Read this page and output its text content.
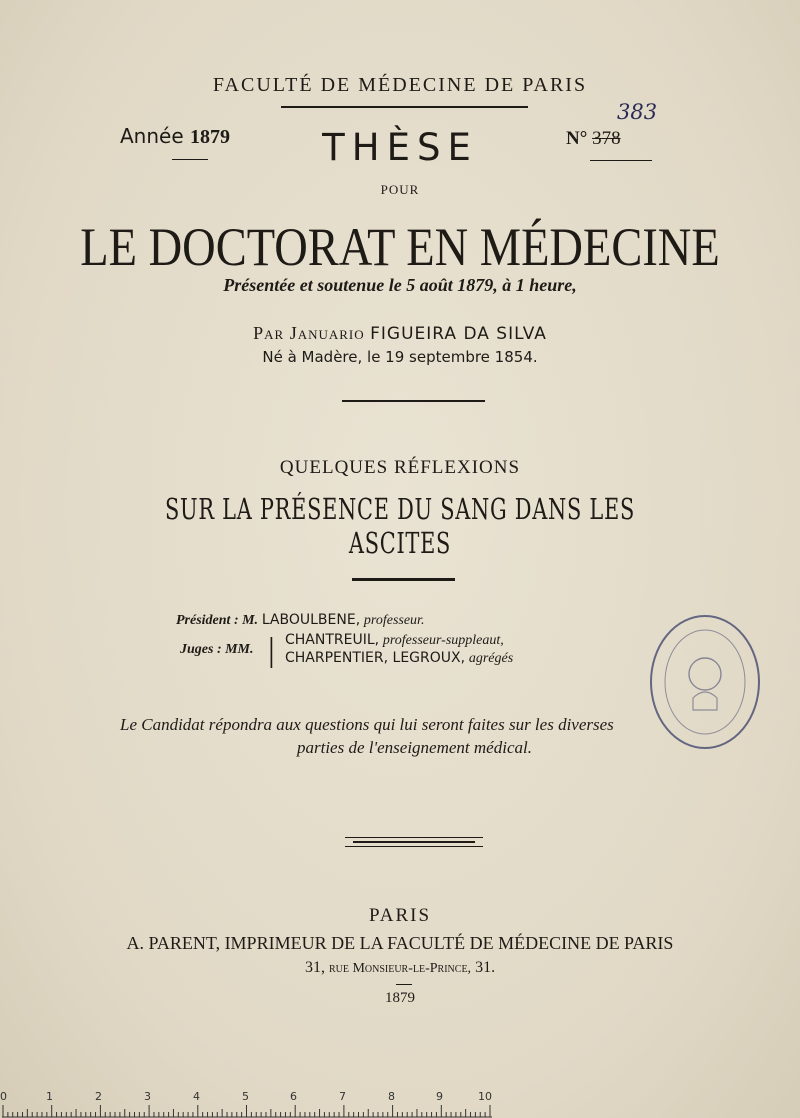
FACULTÉ DE MÉDECINE DE PARIS
Année 1879	THÈSE	N° 378
383
POUR
LE DOCTORAT EN MÉDECINE
Présentée et soutenue le 5 août 1879, à 1 heure,
Par Januario FIGUEIRA DA SILVA
Né à Madère, le 19 septembre 1854.
QUELQUES RÉFLEXIONS
SUR LA PRÉSENCE DU SANG DANS LES ASCITES
Président : M. LABOULBENE, professeur.
Juges : MM. | CHANTREUIL, professeur-suppleaut,
CHARPENTIER, LEGROUX, agrégés
Le Candidat répondra aux questions qui lui seront faites sur les diverses
parties de l'enseignement médical.
PARIS
A. PARENT, IMPRIMEUR DE LA FACULTÉ DE MÉDECINE DE PARIS
31, rue Monsieur-le-Prince, 31.
1879
0	1	2	3	4	5	6	7	8	9	10
